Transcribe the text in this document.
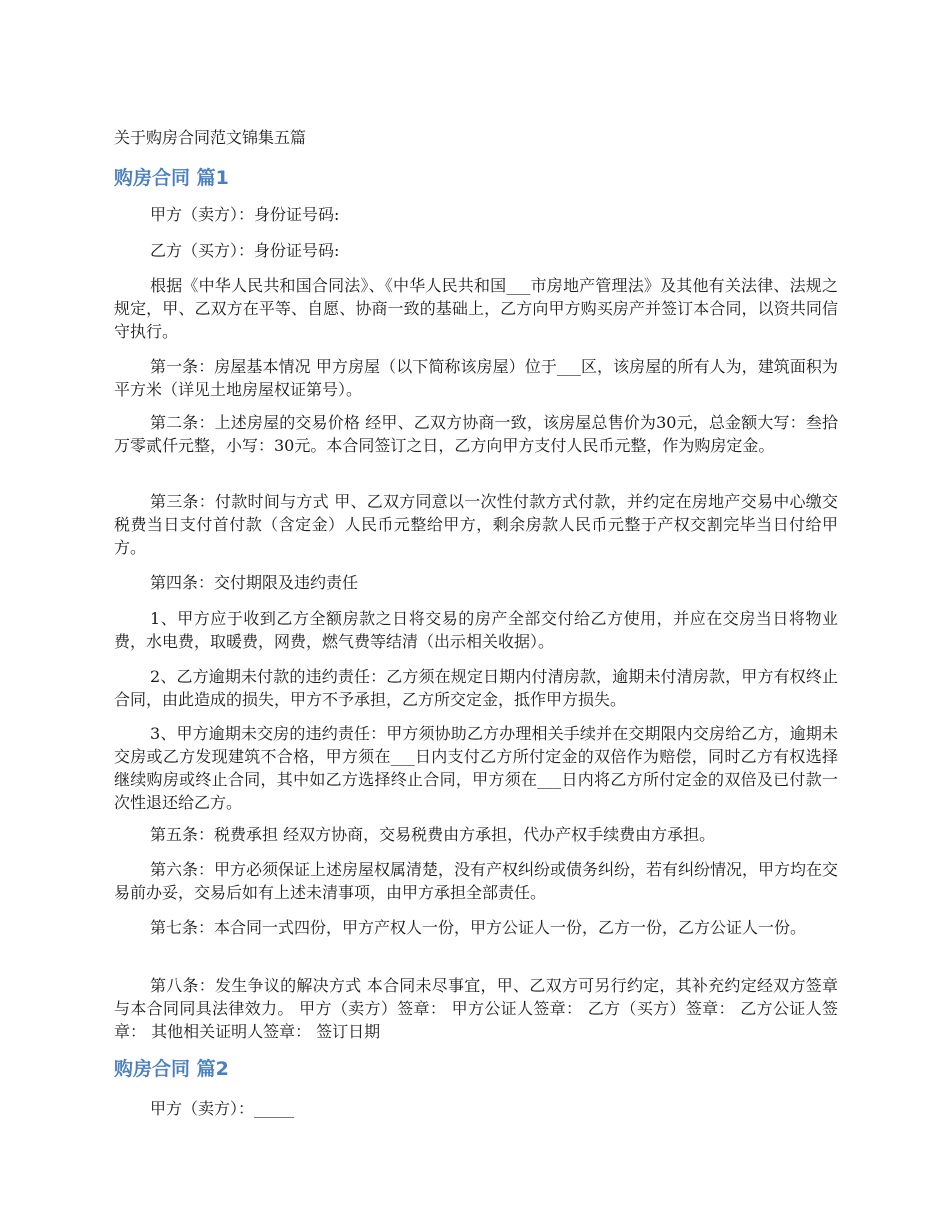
关于购房合同范文锦集五篇
购房合同 篇1

甲方（卖方）：身份证号码:

乙方（买方）：身份证号码:

根据《中华人民共和国合同法》、《中华人民共和国___市房地产管理法》及其他有关法律、法规之规定，甲、乙双方在平等、自愿、协商一致的基础上，乙方向甲方购买房产并签订本合同，以资共同信守执行。

第一条：房屋基本情况 甲方房屋（以下简称该房屋）位于___区，该房屋的所有人为，建筑面积为平方米（详见土地房屋权证第号）。

第二条：上述房屋的交易价格 经甲、乙双方协商一致，该房屋总售价为30元，总金额大写：叁拾万零贰仟元整，小写：30元。本合同签订之日，乙方向甲方支付人民币元整，作为购房定金。

第三条：付款时间与方式 甲、乙双方同意以一次性付款方式付款，并约定在房地产交易中心缴交税费当日支付首付款（含定金）人民币元整给甲方，剩余房款人民币元整于产权交割完毕当日付给甲方。

第四条：交付期限及违约责任

1、甲方应于收到乙方全额房款之日将交易的房产全部交付给乙方使用，并应在交房当日将物业费，水电费，取暖费，网费，燃气费等结清（出示相关收据）。

2、乙方逾期未付款的违约责任：乙方须在规定日期内付清房款，逾期未付清房款，甲方有权终止合同，由此造成的损失，甲方不予承担，乙方所交定金，抵作甲方损失。

3、甲方逾期未交房的违约责任：甲方须协助乙方办理相关手续并在交期限内交房给乙方，逾期未交房或乙方发现建筑不合格，甲方须在___日内支付乙方所付定金的双倍作为赔偿，同时乙方有权选择继续购房或终止合同，其中如乙方选择终止合同，甲方须在___日内将乙方所付定金的双倍及已付款一次性退还给乙方。

第五条：税费承担 经双方协商，交易税费由方承担，代办产权手续费由方承担。

第六条：甲方必须保证上述房屋权属清楚，没有产权纠纷或债务纠纷，若有纠纷情况，甲方均在交易前办妥，交易后如有上述未清事项，由甲方承担全部责任。

第七条：本合同一式四份，甲方产权人一份，甲方公证人一份，乙方一份，乙方公证人一份。

第八条：发生争议的解决方式 本合同未尽事宜，甲、乙双方可另行约定，其补充约定经双方签章与本合同同具法律效力。 甲方（卖方）签章： 甲方公证人签章： 乙方（买方）签章： 乙方公证人签章： 其他相关证明人签章： 签订日期

购房合同 篇2

甲方（卖方）：_____
